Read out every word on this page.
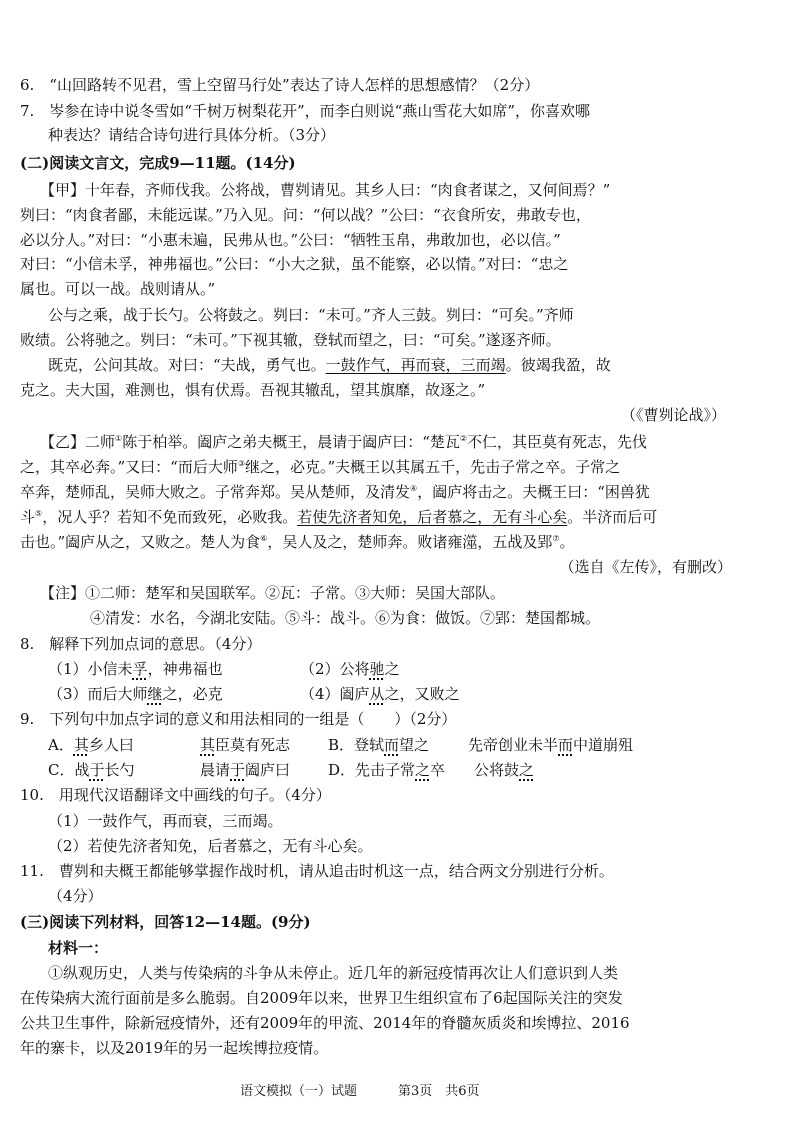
6.　“山回路转不见君，雪上空留马行处”表达了诗人怎样的思想感情？（2分）
7.　岑参在诗中说冬雪如“千树万树梨花开”，而李白则说“燕山雪花大如席”，你喜欢哪
种表达？请结合诗句进行具体分析。（3分）
(二)阅读文言文，完成9—11题。(14分)
【甲】十年春，齐师伐我。公将战，曹刿请见。其乡人曰：“肉食者谋之，又何间焉？”
刿曰：“肉食者鄙，未能远谋。”乃入见。问：“何以战？”公曰：“衣食所安，弗敢专也，
必以分人。”对曰：“小惠未遍，民弗从也。”公曰：“牺牲玉帛，弗敢加也，必以信。”
对曰：“小信未孚，神弗福也。”公曰：“小大之狱，虽不能察，必以情。”对曰：“忠之
属也。可以一战。战则请从。”
公与之乘，战于长勺。公将鼓之。刿曰：“未可。”齐人三鼓。刿曰：“可矣。”齐师
败绩。公将驰之。刿曰：“未可。”下视其辙，登轼而望之，曰：“可矣。”遂逐齐师。
既克，公问其故。对曰：“夫战，勇气也。一鼓作气，再而衰，三而竭。彼竭我盈，故
克之。夫大国，难测也，惧有伏焉。吾视其辙乱，望其旗靡，故逐之。”
（《曹刿论战》）
【乙】二师①陈于柏举。阖庐之弟夫概王，晨请于阖庐曰：“楚瓦②不仁，其臣莫有死志，先伐
之，其卒必奔。”又曰：“而后大师③继之，必克。”夫概王以其属五千，先击子常之卒。子常之
卒奔，楚师乱，吴师大败之。子常奔郑。吴从楚师，及清发④，阖庐将击之。夫概王曰：“困兽犹
斗⑤，况人乎？若知不免而致死，必败我。若使先济者知免，后者慕之，无有斗心矣。半济而后可
击也。”阖庐从之，又败之。楚人为食⑥，吴人及之，楚师奔。败诸雍澨，五战及郢⑦。
（选自《左传》，有删改）
【注】①二师：楚军和吴国联军。②瓦：子常。③大师：吴国大部队。
④清发：水名，今湖北安陆。⑤斗：战斗。⑥为食：做饭。⑦郢：楚国都城。
8.　解释下列加点词的意思。（4分）
（1）小信未孚，神弗福也	（2）公将驰之
（3）而后大师继之，必克	（4）阖庐从之，又败之
9.　下列句中加点字词的意义和用法相同的一组是（　　）（2分）
A．其乡人曰	其臣莫有死志	B．登轼而望之	先帝创业未半而中道崩殂
C．战于长勺	晨请于阖庐曰	D．先击子常之卒 公将鼓之
10.　用现代汉语翻译文中画线的句子。（4分）
（1）一鼓作气，再而衰，三而竭。
（2）若使先济者知免，后者慕之，无有斗心矣。
11.　曹刿和夫概王都能够掌握作战时机，请从追击时机这一点，结合两文分别进行分析。
（4分）
(三)阅读下列材料，回答12—14题。(9分)
材料一：
①纵观历史，人类与传染病的斗争从未停止。近几年的新冠疫情再次让人们意识到人类
在传染病大流行面前是多么脆弱。自2009年以来，世界卫生组织宣布了6起国际关注的突发
公共卫生事件，除新冠疫情外，还有2009年的甲流、2014年的脊髓灰质炎和埃博拉、2016
年的寨卡，以及2019年的另一起埃博拉疫情。
语文模拟（一）试题	第3页　共6页
